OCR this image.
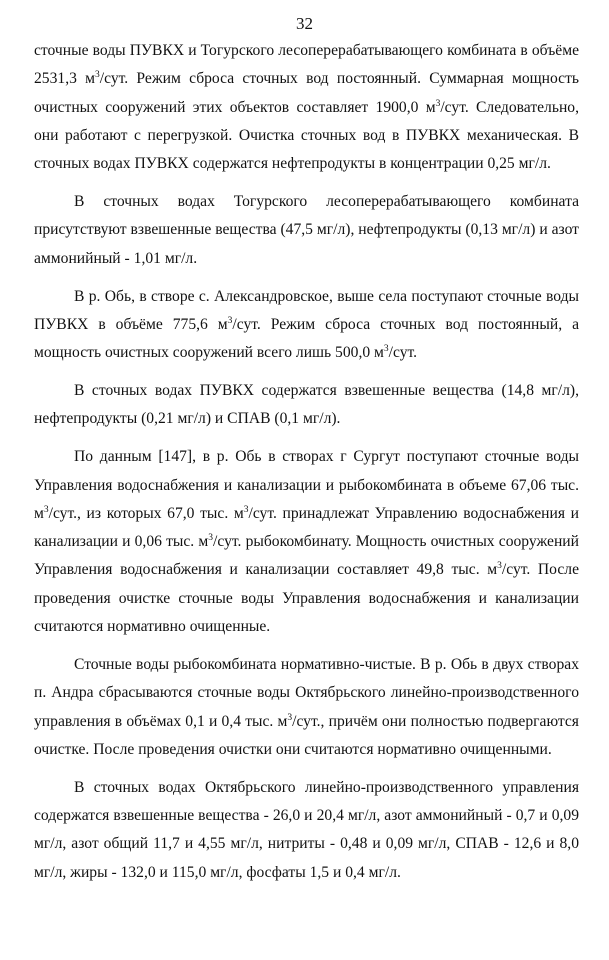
32

сточные воды ПУВКХ и Тогурского лесоперерабатывающего комбината в объёме 2531,3 $м^3$/сут. Режим сброса сточных вод постоянный. Суммарная мощность очистных сооружений этих объектов составляет 1900,0 $м^3$/сут. Следовательно, они работают с перегрузкой. Очистка сточных вод в ПУВКХ механическая. В сточных водах ПУВКХ содержатся нефтепродукты в концентрации 0,25 мг/л.

В сточных водах Тогурского лесоперерабатывающего комбината присутствуют взвешенные вещества (47,5 мг/л), нефтепродукты (0,13 мг/л) и азот аммонийный - 1,01 мг/л.

В р. Обь, в створе с. Александровское, выше села поступают сточные воды ПУВКХ в объёме 775,6 $м^3$/сут. Режим сброса сточных вод постоянный, а мощность очистных сооружений всего лишь 500,0 $м^3$/сут.

В сточных водах ПУВКХ содержатся взвешенные вещества (14,8 мг/л), нефтепродукты (0,21 мг/л) и СПАВ (0,1 мг/л).

По данным [147], в р. Обь в створах г Сургут поступают сточные воды Управления водоснабжения и канализации и рыбокомбината в объеме 67,06 тыс. $м^3$/сут., из которых 67,0 тыс. $м^3$/сут. принадлежат Управлению водоснабжения и канализации и 0,06 тыс. $м^3$/сут. рыбокомбинату. Мощность очистных сооружений Управления водоснабжения и канализации составляет 49,8 тыс. $м^3$/сут. После проведения очистке сточные воды Управления водоснабжения и канализации считаются нормативно очищенные.

Сточные воды рыбокомбината нормативно-чистые. В р. Обь в двух створах п. Андра сбрасываются сточные воды Октябрьского линейно-производственного управления в объёмах 0,1 и 0,4 тыс. $м^3$/сут., причём они полностью подвергаются очистке. После проведения очистки они считаются нормативно очищенными.

В сточных водах Октябрьского линейно-производственного управления содержатся взвешенные вещества - 26,0 и 20,4 мг/л, азот аммонийный - 0,7 и 0,09 мг/л, азот общий 11,7 и 4,55 мг/л, нитриты - 0,48 и 0,09 мг/л, СПАВ - 12,6 и 8,0 мг/л, жиры - 132,0 и 115,0 мг/л, фосфаты 1,5 и 0,4 мг/л.
